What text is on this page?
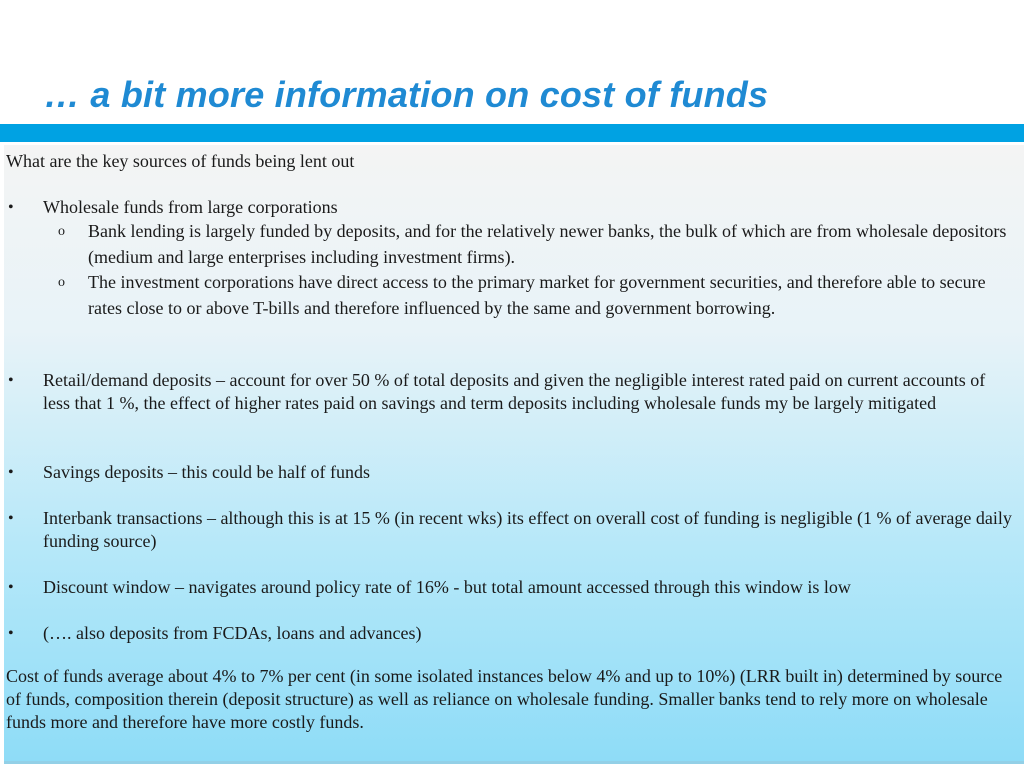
… a bit more information on cost of funds
What are the key sources of funds being lent out
• Wholesale funds from large corporations
o Bank lending is largely funded by deposits, and for the relatively newer banks, the bulk of which are from wholesale depositors (medium and large enterprises including investment firms).
o The investment corporations have direct access to the primary market for government securities, and therefore able to secure rates close to or above T-bills and therefore influenced by the same and government borrowing.
• Retail/demand deposits – account for over 50 % of total deposits and given the negligible interest rated paid on current accounts of less that 1 %, the effect of higher rates paid on savings and term deposits including wholesale funds my be largely mitigated
• Savings deposits – this could be half of funds
• Interbank transactions – although this is at 15 % (in recent wks) its effect on overall cost of funding is negligible (1 % of average daily funding source)
• Discount window – navigates around policy rate of 16% - but total amount accessed through this window is low
• (…. also deposits from FCDAs, loans and advances)
Cost of funds average about 4% to 7% per cent (in some isolated instances below 4% and up to 10%) (LRR built in) determined by source of funds, composition therein (deposit structure) as well as reliance on wholesale funding. Smaller banks tend to rely more on wholesale funds more and therefore have more costly funds.
